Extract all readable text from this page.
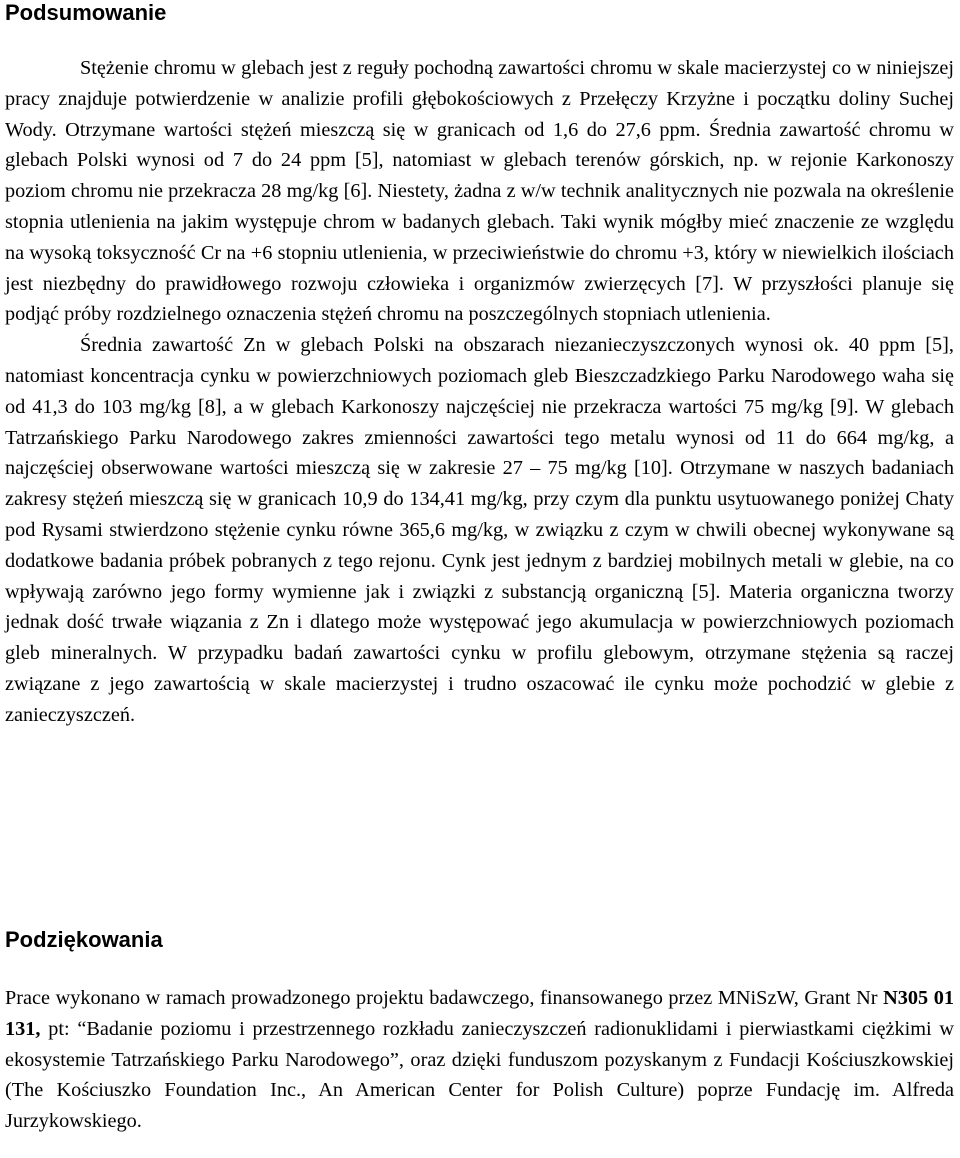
Podsumowanie

Stężenie chromu w glebach jest z reguły pochodną zawartości chromu w skale macierzystej co w niniejszej pracy znajduje potwierdzenie w analizie profili głębokościowych z Przełęczy Krzyżne i początku doliny Suchej Wody. Otrzymane wartości stężeń mieszczą się w granicach od 1,6 do 27,6 ppm. Średnia zawartość chromu w glebach Polski wynosi od 7 do 24 ppm [5], natomiast w glebach terenów górskich, np. w rejonie Karkonoszy poziom chromu nie przekracza 28 mg/kg [6]. Niestety, żadna z w/w technik analitycznych nie pozwala na określenie stopnia utlenienia na jakim występuje chrom w badanych glebach. Taki wynik mógłby mieć znaczenie ze względu na wysoką toksyczność Cr na +6 stopniu utlenienia, w przeciwieństwie do chromu +3, który w niewielkich ilościach jest niezbędny do prawidłowego rozwoju człowieka i organizmów zwierzęcych [7]. W przyszłości planuje się podjąć próby rozdzielnego oznaczenia stężeń chromu na poszczególnych stopniach utlenienia.

Średnia zawartość Zn w glebach Polski na obszarach niezanieczyszczonych wynosi ok. 40 ppm [5], natomiast koncentracja cynku w powierzchniowych poziomach gleb Bieszczadzkiego Parku Narodowego waha się od 41,3 do 103 mg/kg [8], a w glebach Karkonoszy najczęściej nie przekracza wartości 75 mg/kg [9]. W glebach Tatrzańskiego Parku Narodowego zakres zmienności zawartości tego metalu wynosi od 11 do 664 mg/kg, a najczęściej obserwowane wartości mieszczą się w zakresie 27 – 75 mg/kg [10]. Otrzymane w naszych badaniach zakresy stężeń mieszczą się w granicach 10,9 do 134,41 mg/kg, przy czym dla punktu usytuowanego poniżej Chaty pod Rysami stwierdzono stężenie cynku równe 365,6 mg/kg, w związku z czym w chwili obecnej wykonywane są dodatkowe badania próbek pobranych z tego rejonu. Cynk jest jednym z bardziej mobilnych metali w glebie, na co wpływają zarówno jego formy wymienne jak i związki z substancją organiczną [5]. Materia organiczna tworzy jednak dość trwałe wiązania z Zn i dlatego może występować jego akumulacja w powierzchniowych poziomach gleb mineralnych. W przypadku badań zawartości cynku w profilu glebowym, otrzymane stężenia są raczej związane z jego zawartością w skale macierzystej i trudno oszacować ile cynku może pochodzić w glebie z zanieczyszczeń.

Podziękowania

Prace wykonano w ramach prowadzonego projektu badawczego, finansowanego przez MNiSzW, Grant Nr N305 01 131, pt: “Badanie poziomu i przestrzennego rozkładu zanieczyszczeń radionuklidami i pierwiastkami ciężkimi w ekosystemie Tatrzańskiego Parku Narodowego”, oraz dzięki funduszom pozyskanym z Fundacji Kościuszkowskiej (The Kościuszko Foundation Inc., An American Center for Polish Culture) poprze Fundację im. Alfreda Jurzykowskiego.
